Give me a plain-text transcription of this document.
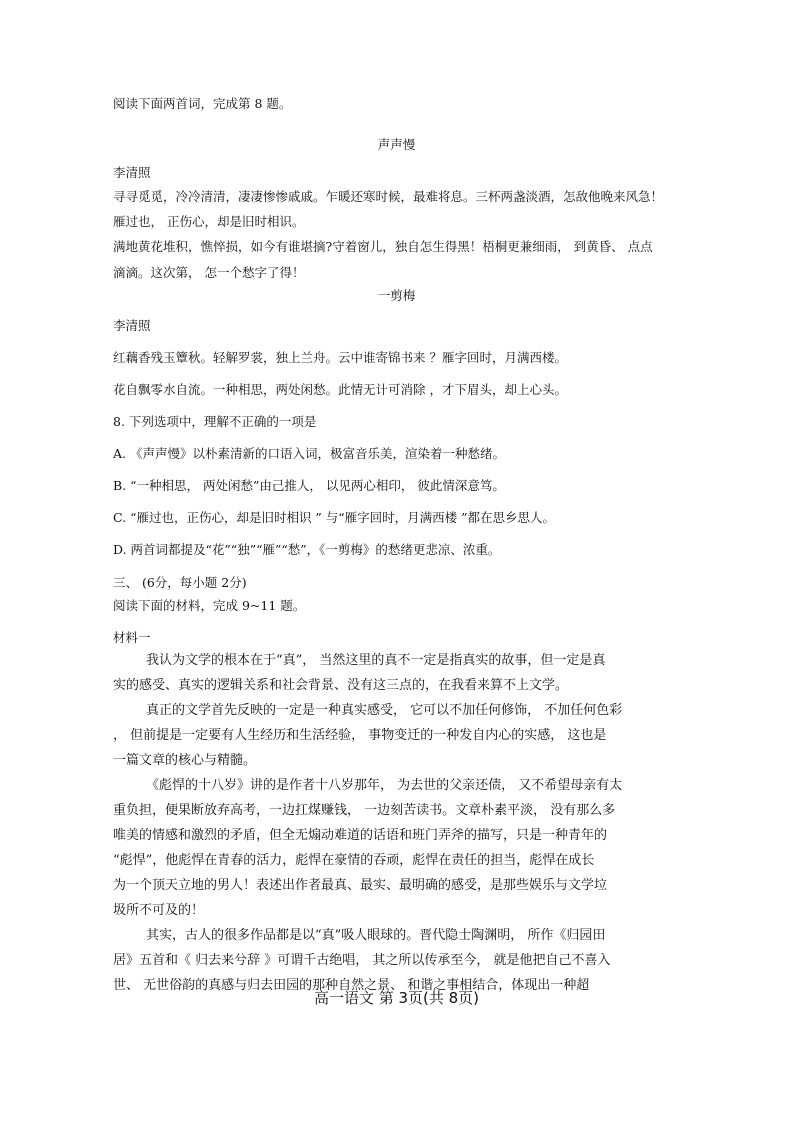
阅读下面两首词，完成第 8 题。
声声慢
李清照
寻寻觅觅，冷冷清清，凄凄惨惨戚戚。乍暖还寒时候，最难将息。三杯两盏淡酒，怎敌他晚来风急！
雁过也， 正伤心，却是旧时相识。
满地黄花堆积，憔悴损，如今有谁堪摘?守着窗儿，独自怎生得黑！梧桐更兼细雨， 到黄昏、 点点
滴滴。这次第， 怎一个愁字了得！
一剪梅
李清照
红藕香残玉簟秋。轻解罗裳，独上兰舟。云中谁寄锦书来 ？雁字回时，月满西楼。
花自飘零水自流。一种相思，两处闲愁。此情无计可消除 ，才下眉头，却上心头。
8. 下列选项中，理解不正确的一项是
A. 《声声慢》以朴素清新的口语入词，极富音乐美，渲染着一种愁绪。
B. “一种相思， 两处闲愁”由己推人， 以见两心相印， 彼此情深意笃。
C. “雁过也，正伤心，却是旧时相识 ” 与“雁字回时，月满西楼 ”都在思乡思人。
D. 两首词都提及“花”“独”“雁”“愁”，《一剪梅》的愁绪更悲凉、浓重。
三、 (6分，每小题 2分)
阅读下面的材料，完成 9~11 题。
材料一
我认为文学的根本在于“真”， 当然这里的真不一定是指真实的故事，但一定是真
实的感受、真实的逻辑关系和社会背景、没有这三点的，在我看来算不上文学。
真正的文学首先反映的一定是一种真实感受， 它可以不加任何修饰， 不加任何色彩
， 但前提是一定要有人生经历和生活经验， 事物变迁的一种发自内心的实感， 这也是
一篇文章的核心与精髓。
《彪悍的十八岁》讲的是作者十八岁那年， 为去世的父亲还债， 又不希望母亲有太
重负担，便果断放弃高考，一边扛煤赚钱， 一边刻苦读书。文章朴素平淡， 没有那么多
唯美的情感和激烈的矛盾，但全无煽动难道的话语和班门弄斧的描写，只是一种青年的
“彪悍”，他彪悍在青春的活力，彪悍在豪情的吞顽，彪悍在责任的担当，彪悍在成长
为一个顶天立地的男人！表述出作者最真、最实、最明确的感受，是那些娱乐与文学垃
圾所不可及的！
其实，古人的很多作品都是以“真”吸人眼球的。晋代隐士陶渊明， 所作《归园田
居》五首和《 归去来兮辞 》可谓千古绝唱， 其之所以传承至今， 就是他把自己不喜入
世、 无世俗韵的真感与归去田园的那种自然之景、 和谐之事相结合，体现出一种超
高一语文 第 3页(共 8页)
